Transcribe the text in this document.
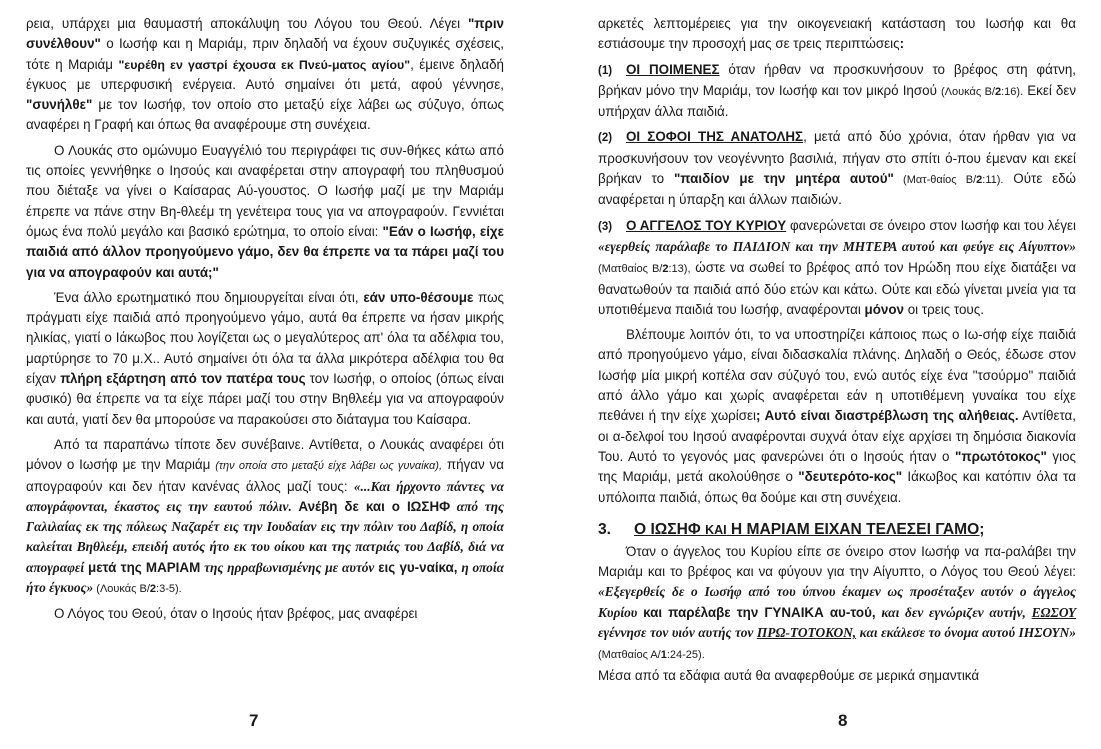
ρεια, υπάρχει μια θαυμαστή αποκάλυψη του Λόγου του Θεού. Λέγει "πριν συνέλθουν" ο Ιωσήφ και η Μαριάμ, πριν δηλαδή να έχουν συζυγικές σχέσεις, τότε η Μαριάμ "ευρέθη εν γαστρί έχουσα εκ Πνεύ-ματος αγίου", έμεινε δηλαδή έγκυος με υπερφυσική ενέργεια. Αυτό σημαίνει ότι μετά, αφού γέννησε, "συνήλθε" με τον Ιωσήφ, τον οποίο στο μεταξύ είχε λάβει ως σύζυγο, όπως αναφέρει η Γραφή και όπως θα αναφέρουμε στη συνέχεια.

Ο Λουκάς στο ομώνυμο Ευαγγέλιό του περιγράφει τις συν-θήκες κάτω από τις οποίες γεννήθηκε ο Ιησούς και αναφέρεται στην απογραφή του πληθυσμού που διέταξε να γίνει ο Καίσαρας Αύ-γουστος. Ο Ιωσήφ μαζί με την Μαριάμ έπρεπε να πάνε στην Βη-θλεέμ τη γενέτειρα τους για να απογραφούν. Γεννιέται όμως ένα πολύ μεγάλο και βασικό ερώτημα, το οποίο είναι: "Εάν ο Ιωσήφ, είχε παιδιά από άλλον προηγούμενο γάμο, δεν θα έπρεπε να τα πάρει μαζί του για να απογραφούν και αυτά;"

Ένα άλλο ερωτηματικό που δημιουργείται είναι ότι, εάν υπο-θέσουμε πως πράγματι είχε παιδιά από προηγούμενο γάμο, αυτά θα έπρεπε να ήσαν μικρής ηλικίας, γιατί ο Ιάκωβος που λογίζεται ως ο μεγαλύτερος απ' όλα τα αδέλφια του, μαρτύρησε το 70 μ.Χ.. Αυτό σημαίνει ότι όλα τα άλλα μικρότερα αδέλφια του θα είχαν πλήρη εξάρτηση από τον πατέρα τους τον Ιωσήφ, ο οποίος (όπως είναι φυσικό) θα έπρεπε να τα είχε πάρει μαζί του στην Βηθλεέμ για να απογραφούν και αυτά, γιατί δεν θα μπορούσε να παρακούσει στο διάταγμα του Καίσαρα.

Από τα παραπάνω τίποτε δεν συνέβαινε. Αντίθετα, ο Λουκάς αναφέρει ότι μόνον ο Ιωσήφ με την Μαριάμ (την οποία στο μεταξύ είχε λάβει ως γυναίκα), πήγαν να απογραφούν και δεν ήταν κανένας άλλος μαζί τους: «...Και ήρχοντο πάντες να απογράφονται, έκαστος εις την εαυτού πόλιν. Ανέβη δε και ο ΙΩΣΗΦ από της Γαλιλαίας εκ της πόλεως Ναζαρέτ εις την Ιουδαίαν εις την πόλιν του Δαβίδ, η οποία καλείται Βηθλεέμ, επειδή αυτός ήτο εκ του οίκου και της πατριάς του Δαβίδ, διά να απογραφεί μετά της ΜΑΡΙΑΜ της ηρραβωνισμένης με αυτόν εις γυ-ναίκα, η οποία ήτο έγκυος» (Λουκάς Β/2:3-5).

Ο Λόγος του Θεού, όταν ο Ιησούς ήταν βρέφος, μας αναφέρει

7

αρκετές λεπτομέρειες για την οικογενειακή κατάσταση του Ιωσήφ και θα εστιάσουμε την προσοχή μας σε τρεις περιπτώσεις:

(1) ΟΙ ΠΟΙΜΕΝΕΣ όταν ήρθαν να προσκυνήσουν το βρέφος στη φάτνη, βρήκαν μόνο την Μαριάμ, τον Ιωσήφ και τον μικρό Ιησού (Λουκάς Β/2:16). Εκεί δεν υπήρχαν άλλα παιδιά.

(2) ΟΙ ΣΟΦΟΙ ΤΗΣ ΑΝΑΤΟΛΗΣ, μετά από δύο χρόνια, όταν ήρθαν για να προσκυνήσουν τον νεογέννητο βασιλιά, πήγαν στο σπίτι ό-που έμεναν και εκεί βρήκαν το "παιδίον με την μητέρα αυτού" (Ματ-θαίος Β/2:11). Ούτε εδώ αναφέρεται η ύπαρξη και άλλων παιδιών.

(3) Ο ΑΓΓΕΛΟΣ ΤΟΥ ΚΥΡΙΟΥ φανερώνεται σε όνειρο στον Ιωσήφ και του λέγει «εγερθείς παράλαβε το ΠΑΙΔΙΟΝ και την ΜΗΤΕΡΑ αυτού και φεύγε εις Αίγυπτον» (Ματθαίος Β/2:13), ώστε να σωθεί το βρέφος από τον Ηρώδη που είχε διατάξει να θανατωθούν τα παιδιά από δύο ετών και κάτω. Ούτε και εδώ γίνεται μνεία για τα υποτιθέμενα παιδιά του Ιωσήφ, αναφέρονται μόνον οι τρεις τους.

Βλέπουμε λοιπόν ότι, το να υποστηρίζει κάποιος πως ο Ιω-σήφ είχε παιδιά από προηγούμενο γάμο, είναι διδασκαλία πλάνης. Δηλαδή ο Θεός, έδωσε στον Ιωσήφ μία μικρή κοπέλα σαν σύζυγό του, ενώ αυτός είχε ένα "τσούρμο" παιδιά από άλλο γάμο και χωρίς αναφέρεται εάν η υποτιθέμενη γυναίκα του είχε πεθάνει ή την είχε χωρίσει; Αυτό είναι διαστρέβλωση της αλήθειας. Αντίθετα, οι α-δελφοί του Ιησού αναφέρονται συχνά όταν είχε αρχίσει τη δημόσια διακονία Του. Αυτό το γεγονός μας φανερώνει ότι ο Ιησούς ήταν ο "πρωτότοκος" γιος της Μαριάμ, μετά ακολούθησε ο "δευτερότο-κος" Ιάκωβος και κατόπιν όλα τα υπόλοιπα παιδιά, όπως θα δούμε και στη συνέχεια.

3. Ο ΙΩΣΗΦ ΚΑΙ Η ΜΑΡΙΑΜ ΕΙΧΑΝ ΤΕΛΕΣΕΙ ΓΑΜΟ;

Όταν ο άγγελος του Κυρίου είπε σε όνειρο στον Ιωσήφ να πα-ραλάβει την Μαριάμ και το βρέφος και να φύγουν για την Αίγυπτο, ο Λόγος του Θεού λέγει: «Εξεγερθείς δε ο Ιωσήφ από του ύπνου έκαμεν ως προσέταξεν αυτόν ο άγγελος Κυρίου και παρέλαβε την ΓΥΝΑΙΚΑ αυ-τού, και δεν εγνώριζεν αυτήν, ΕΩΣΟΥ εγέννησε τον υιόν αυτής τον ΠΡΩ-ΤΟΤΟΚΟΝ, και εκάλεσε το όνομα αυτού ΙΗΣΟΥΝ» (Ματθαίος Α/1:24-25).
Μέσα από τα εδάφια αυτά θα αναφερθούμε σε μερικά σημαντικά

8
